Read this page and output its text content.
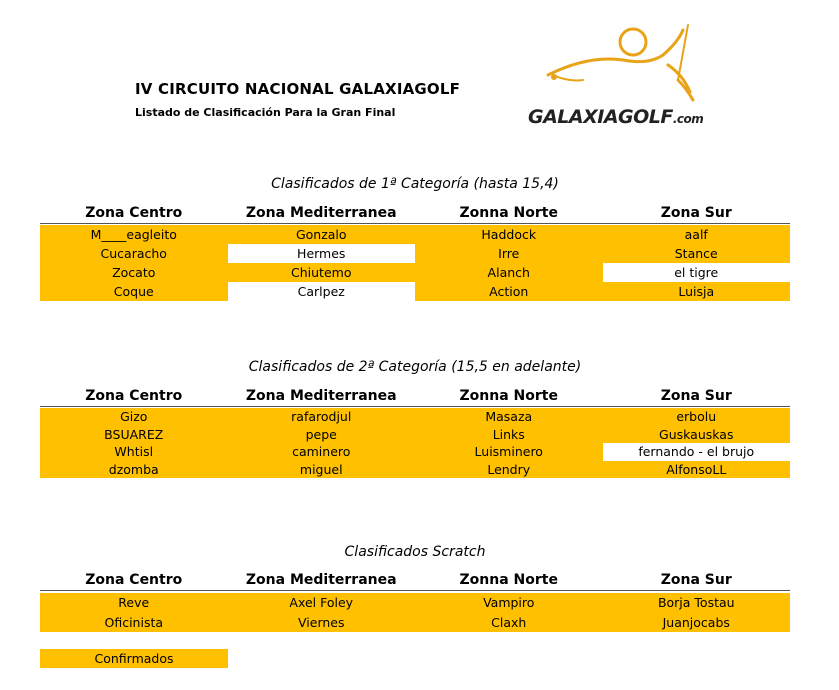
IV CIRCUITO NACIONAL GALAXIAGOLF
Listado de Clasificación Para la Gran Final	GALAXIAGOLF.com
Clasificados de 1ª Categoría (hasta 15,4)
Zona Centro	Zona Mediterranea	Zonna Norte	Zona Sur
M____eagleito	Gonzalo	Haddock	aalf
Cucaracho	Hermes	Irre	Stance
Zocato	Chiutemo	Alanch	el tigre
Coque	Carlpez	Action	Luisja
Clasificados de 2ª Categoría (15,5 en adelante)
Zona Centro	Zona Mediterranea	Zonna Norte	Zona Sur
Gizo	rafarodjul	Masaza	erbolu
BSUAREZ	pepe	Links	Guskauskas
Whtisl	caminero	Luisminero	fernando - el brujo
dzomba	miguel	Lendry	AlfonsoLL
Clasificados Scratch
Zona Centro	Zona Mediterranea	Zonna Norte	Zona Sur
Reve	Axel Foley	Vampiro	Borja Tostau
Oficinista	Viernes	Claxh	Juanjocabs
Confirmados
